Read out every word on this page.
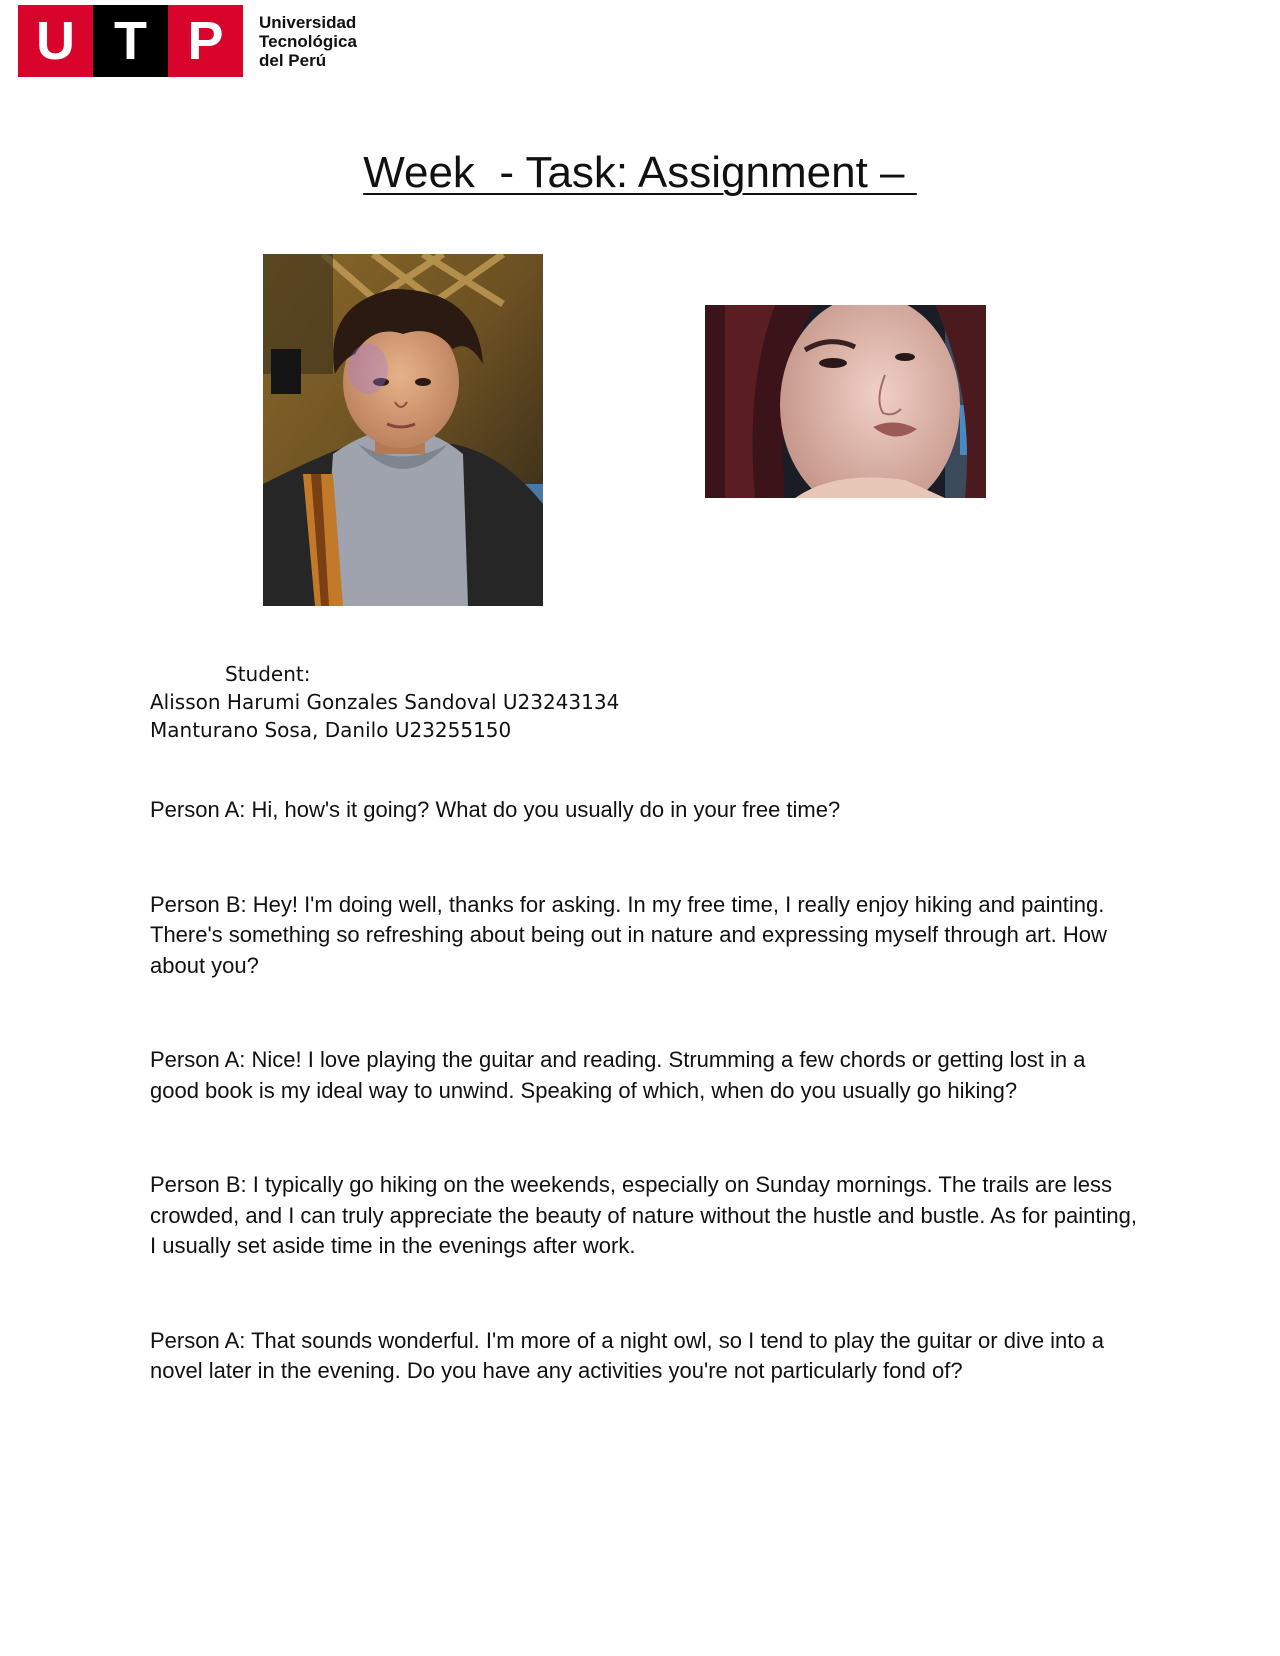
U T P	Universidad
Tecnológica
del Perú
Week  - Task: Assignment –
Student:
Alisson Harumi Gonzales Sandoval U23243134
Manturano Sosa, Danilo U23255150

Person A: Hi, how's it going? What do you usually do in your free time?

Person B: Hey! I'm doing well, thanks for asking. In my free time, I really enjoy hiking and painting. There's something so refreshing about being out in nature and expressing myself through art. How about you?

Person A: Nice! I love playing the guitar and reading. Strumming a few chords or getting lost in a good book is my ideal way to unwind. Speaking of which, when do you usually go hiking?

Person B: I typically go hiking on the weekends, especially on Sunday mornings. The trails are less crowded, and I can truly appreciate the beauty of nature without the hustle and bustle. As for painting, I usually set aside time in the evenings after work.

Person A: That sounds wonderful. I'm more of a night owl, so I tend to play the guitar or dive into a novel later in the evening. Do you have any activities you're not particularly fond of?
